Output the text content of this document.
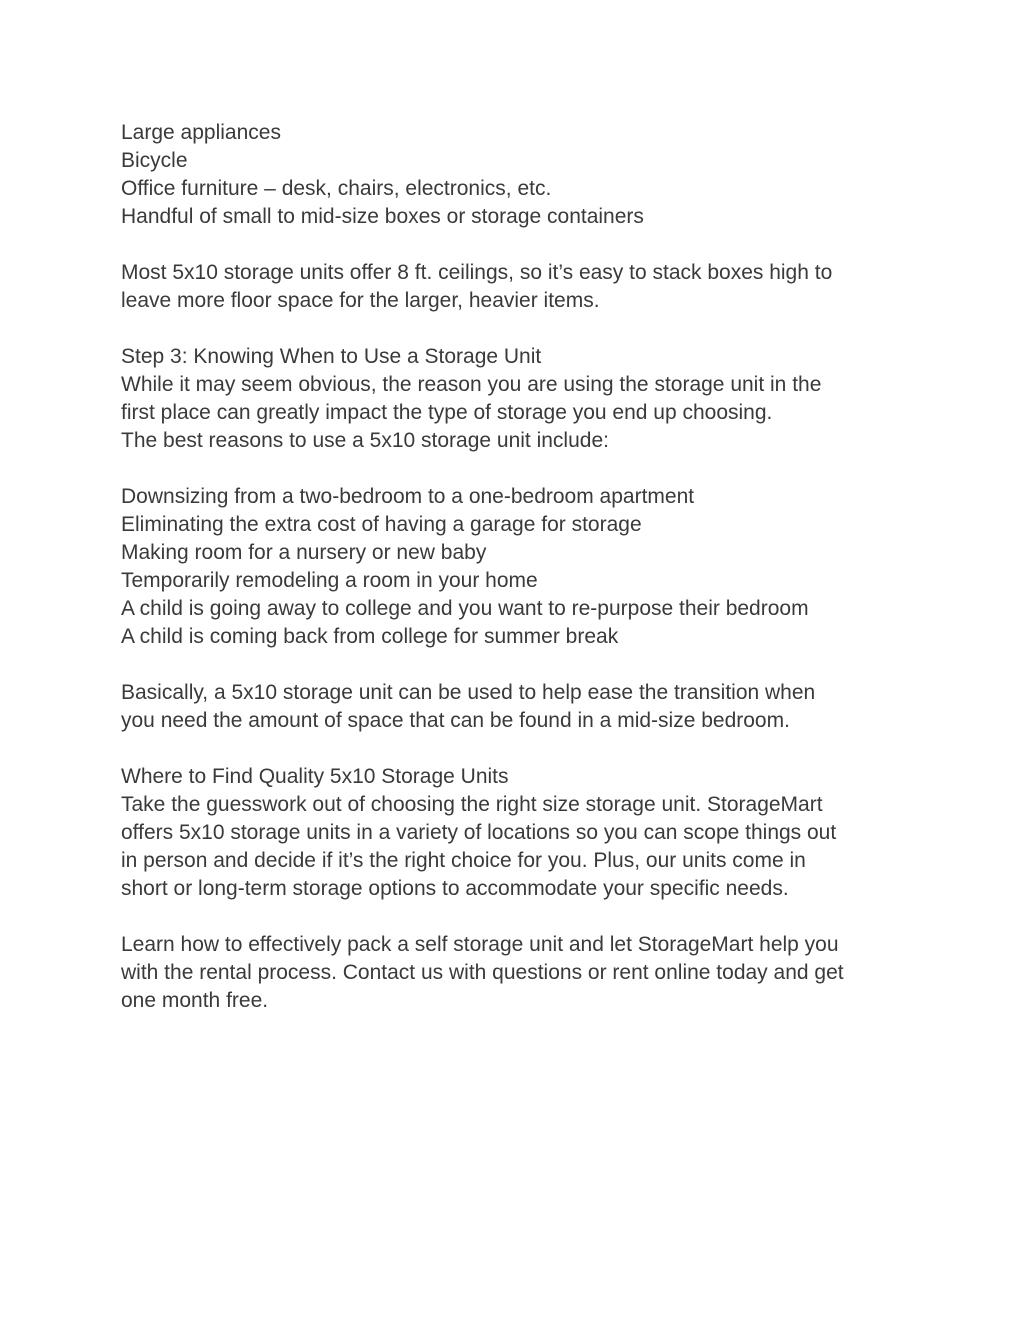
Large appliances
Bicycle
Office furniture – desk, chairs, electronics, etc.
Handful of small to mid-size boxes or storage containers
Most 5x10 storage units offer 8 ft. ceilings, so it’s easy to stack boxes high to
leave more floor space for the larger, heavier items.
Step 3: Knowing When to Use a Storage Unit
While it may seem obvious, the reason you are using the storage unit in the
first place can greatly impact the type of storage you end up choosing.
The best reasons to use a 5x10 storage unit include:
Downsizing from a two-bedroom to a one-bedroom apartment
Eliminating the extra cost of having a garage for storage
Making room for a nursery or new baby
Temporarily remodeling a room in your home
A child is going away to college and you want to re-purpose their bedroom
A child is coming back from college for summer break
Basically, a 5x10 storage unit can be used to help ease the transition when
you need the amount of space that can be found in a mid-size bedroom.
Where to Find Quality 5x10 Storage Units
Take the guesswork out of choosing the right size storage unit. StorageMart
offers 5x10 storage units in a variety of locations so you can scope things out
in person and decide if it’s the right choice for you. Plus, our units come in
short or long-term storage options to accommodate your specific needs.
Learn how to effectively pack a self storage unit and let StorageMart help you
with the rental process. Contact us with questions or rent online today and get
one month free.
